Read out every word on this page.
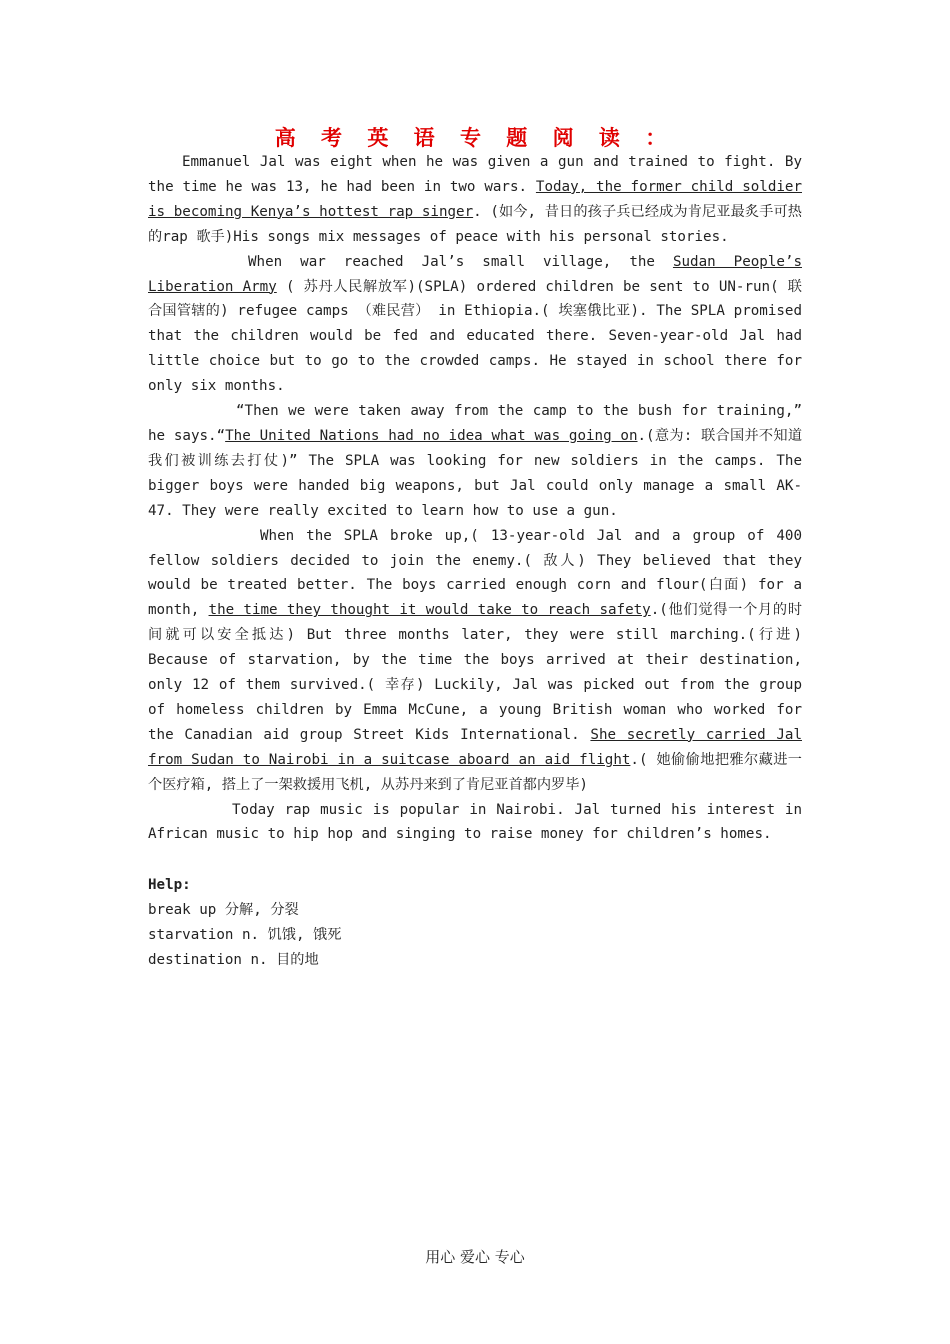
高 考 英 语 专 题 阅 读 ：

Emmanuel Jal was eight when he was given a gun and trained to fight. By the time he was 13, he had been in two wars. Today, the former child soldier is becoming Kenya’s hottest rap singer. (如今, 昔日的孩子兵已经成为肯尼亚最炙手可热的rap 歌手)His songs mix messages of peace with his personal stories.

When war reached Jal’s small village, the Sudan People’s Liberation Army ( 苏丹人民解放军)(SPLA) ordered children be sent to UN-run( 联合国管辖的) refugee camps （难民营） in Ethiopia.( 埃塞俄比亚). The SPLA promised that the children would be fed and educated there. Seven-year-old Jal had little choice but to go to the crowded camps. He stayed in school there for only six months.

“Then we were taken away from the camp to the bush for training,” he says.“The United Nations had no idea what was going on.(意为: 联合国并不知道我们被训练去打仗)” The SPLA was looking for new soldiers in the camps. The bigger boys were handed big weapons, but Jal could only manage a small AK-47. They were really excited to learn how to use a gun.

When the SPLA broke up,( 13-year-old Jal and a group of 400 fellow soldiers decided to join the enemy.( 敌人) They believed that they would be treated better. The boys carried enough corn and flour(白面) for a month, the time they thought it would take to reach safety.(他们觉得一个月的时间就可以安全抵达) But three months later, they were still marching.(行进) Because of starvation, by the time the boys arrived at their destination, only 12 of them survived.( 幸存) Luckily, Jal was picked out from the group of homeless children by Emma McCune, a young British woman who worked for the Canadian aid group Street Kids International. She secretly carried Jal from Sudan to Nairobi in a suitcase aboard an aid flight.( 她偷偷地把雅尔藏进一个医疗箱, 搭上了一架救援用飞机, 从苏丹来到了肯尼亚首都内罗毕)

Today rap music is popular in Nairobi. Jal turned his interest in African music to hip hop and singing to raise money for children’s homes.

Help:
break up 分解, 分裂
starvation n. 饥饿, 饿死
destination n. 目的地
用心 爱心 专心
